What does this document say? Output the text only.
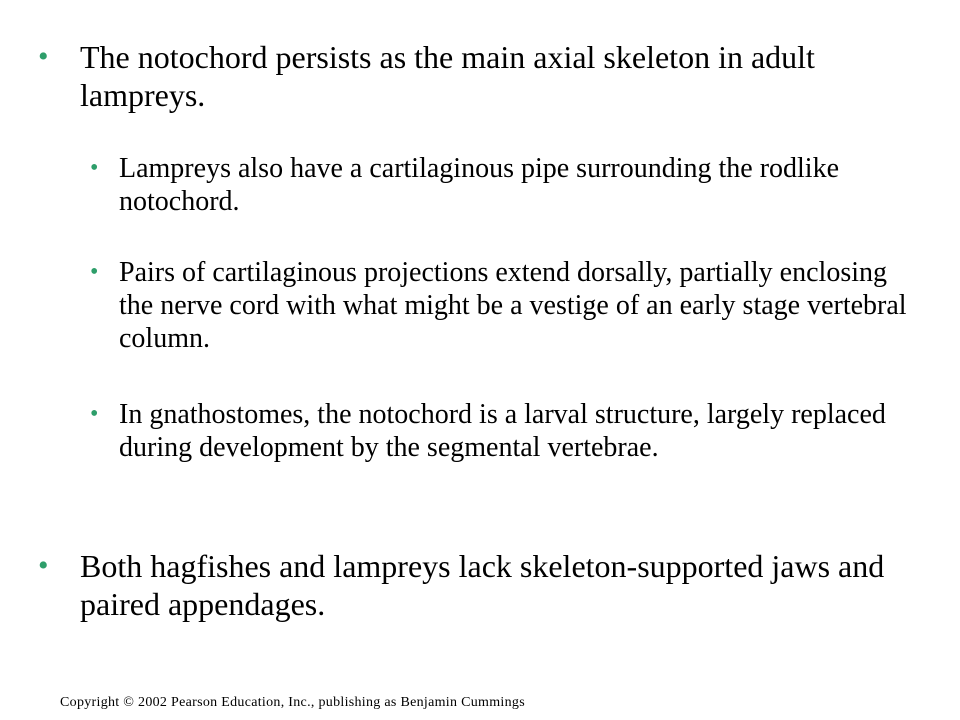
• The notochord persists as the main axial skeleton in adult lampreys.
• Lampreys also have a cartilaginous pipe surrounding the rodlike notochord.
• Pairs of cartilaginous projections extend dorsally, partially enclosing the nerve cord with what might be a vestige of an early stage vertebral column.
• In gnathostomes, the notochord is a larval structure, largely replaced during development by the segmental vertebrae.
• Both hagfishes and lampreys lack skeleton-supported jaws and paired appendages.
Copyright © 2002 Pearson Education, Inc., publishing as Benjamin Cummings
